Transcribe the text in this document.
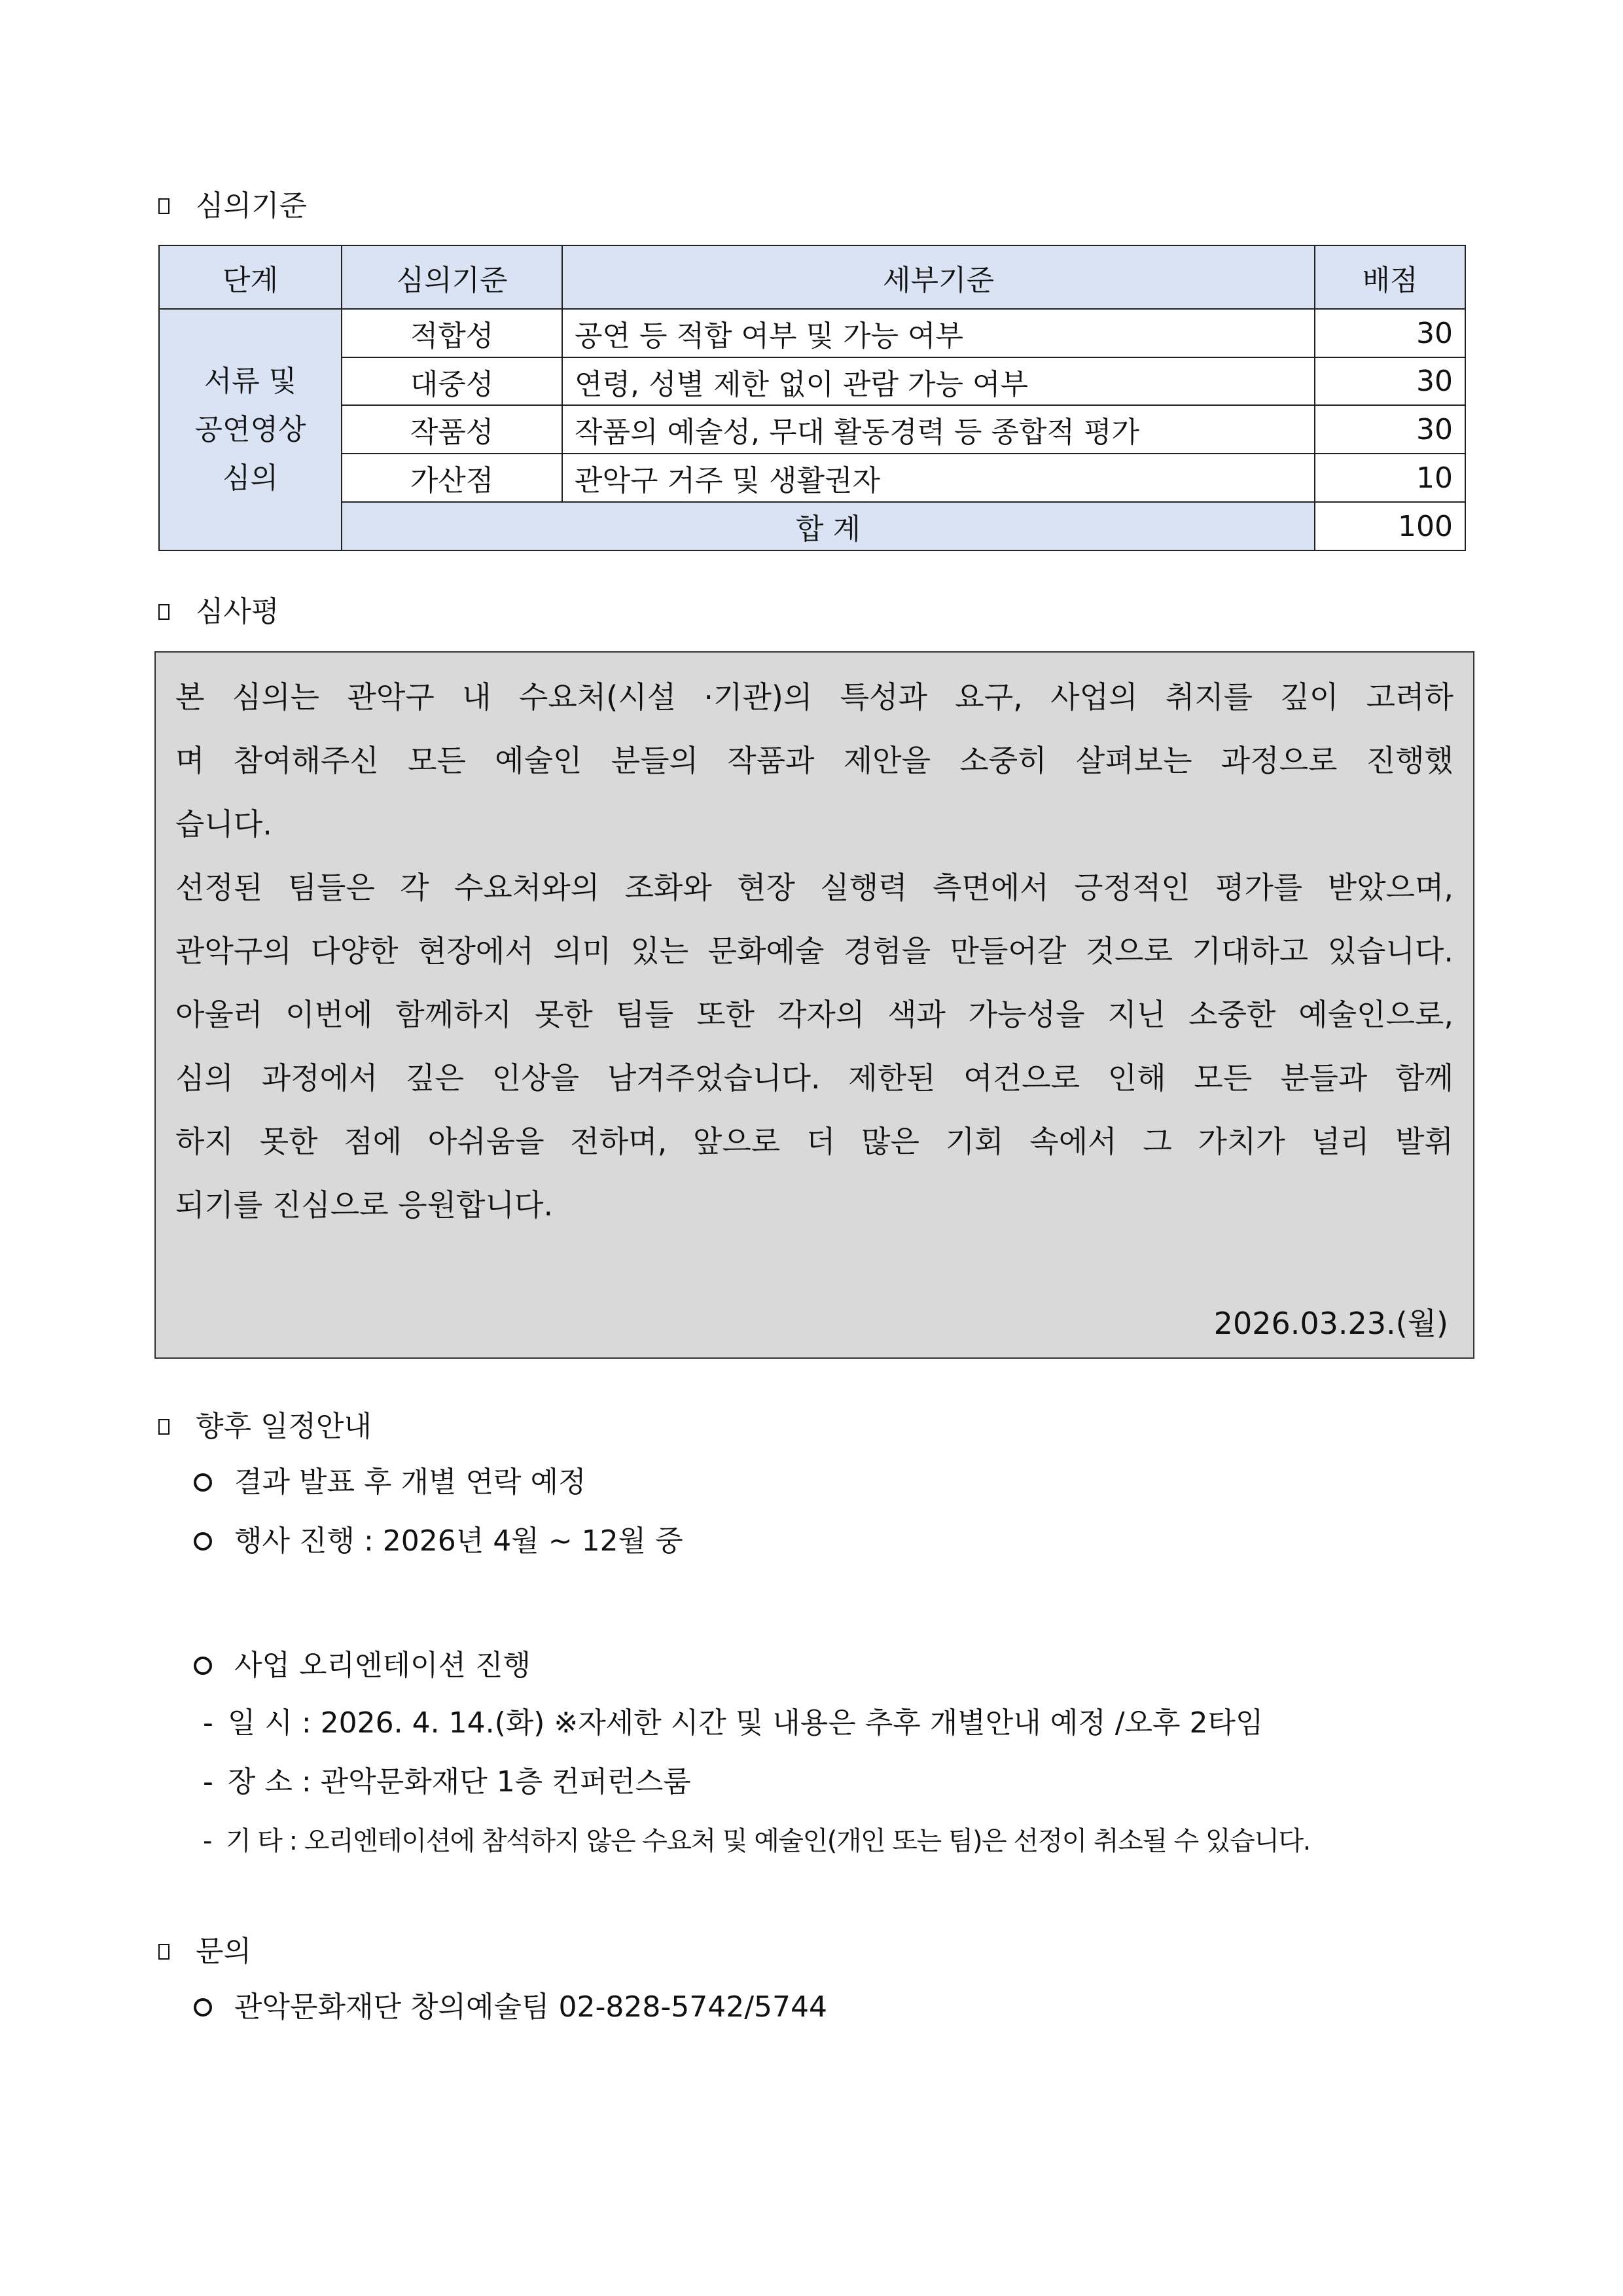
심의기준
단계	심의기준	세부기준	배점

서류 및
공연영상
심의	적합성	공연 등 적합 여부 및 가능 여부	30
	대중성	연령, 성별 제한 없이 관람 가능 여부	30
	작품성	작품의 예술성, 무대 활동경력 등 종합적 평가	30
	가산점	관악구 거주 및 생활권자	10
	합 계		100
심사평
본 심의는 관악구 내 수요처(시설 ·기관)의 특성과 요구, 사업의 취지를 깊이 고려하
며 참여해주신 모든 예술인 분들의 작품과 제안을 소중히 살펴보는 과정으로 진행했
습니다.
선정된 팀들은 각 수요처와의 조화와 현장 실행력 측면에서 긍정적인 평가를 받았으며,
관악구의 다양한 현장에서 의미 있는 문화예술 경험을 만들어갈 것으로 기대하고 있습니다.
아울러 이번에 함께하지 못한 팀들 또한 각자의 색과 가능성을 지닌 소중한 예술인으로,
심의 과정에서 깊은 인상을 남겨주었습니다. 제한된 여건으로 인해 모든 분들과 함께
하지 못한 점에 아쉬움을 전하며, 앞으로 더 많은 기회 속에서 그 가치가 널리 발휘
되기를 진심으로 응원합니다.
2026.03.23.(월)
향후 일정안내
결과 발표 후 개별 연락 예정
행사 진행 : 2026년 4월 ~ 12월 중
사업 오리엔테이션 진행
- 일 시 : 2026. 4. 14.(화) ※자세한 시간 및 내용은 추후 개별안내 예정 /오후 2타임
- 장 소 : 관악문화재단 1층 컨퍼런스룸
- 기 타 : 오리엔테이션에 참석하지 않은 수요처 및 예술인(개인 또는 팀)은 선정이 취소될 수 있습니다.
문의
관악문화재단 창의예술팀 02-828-5742/5744
